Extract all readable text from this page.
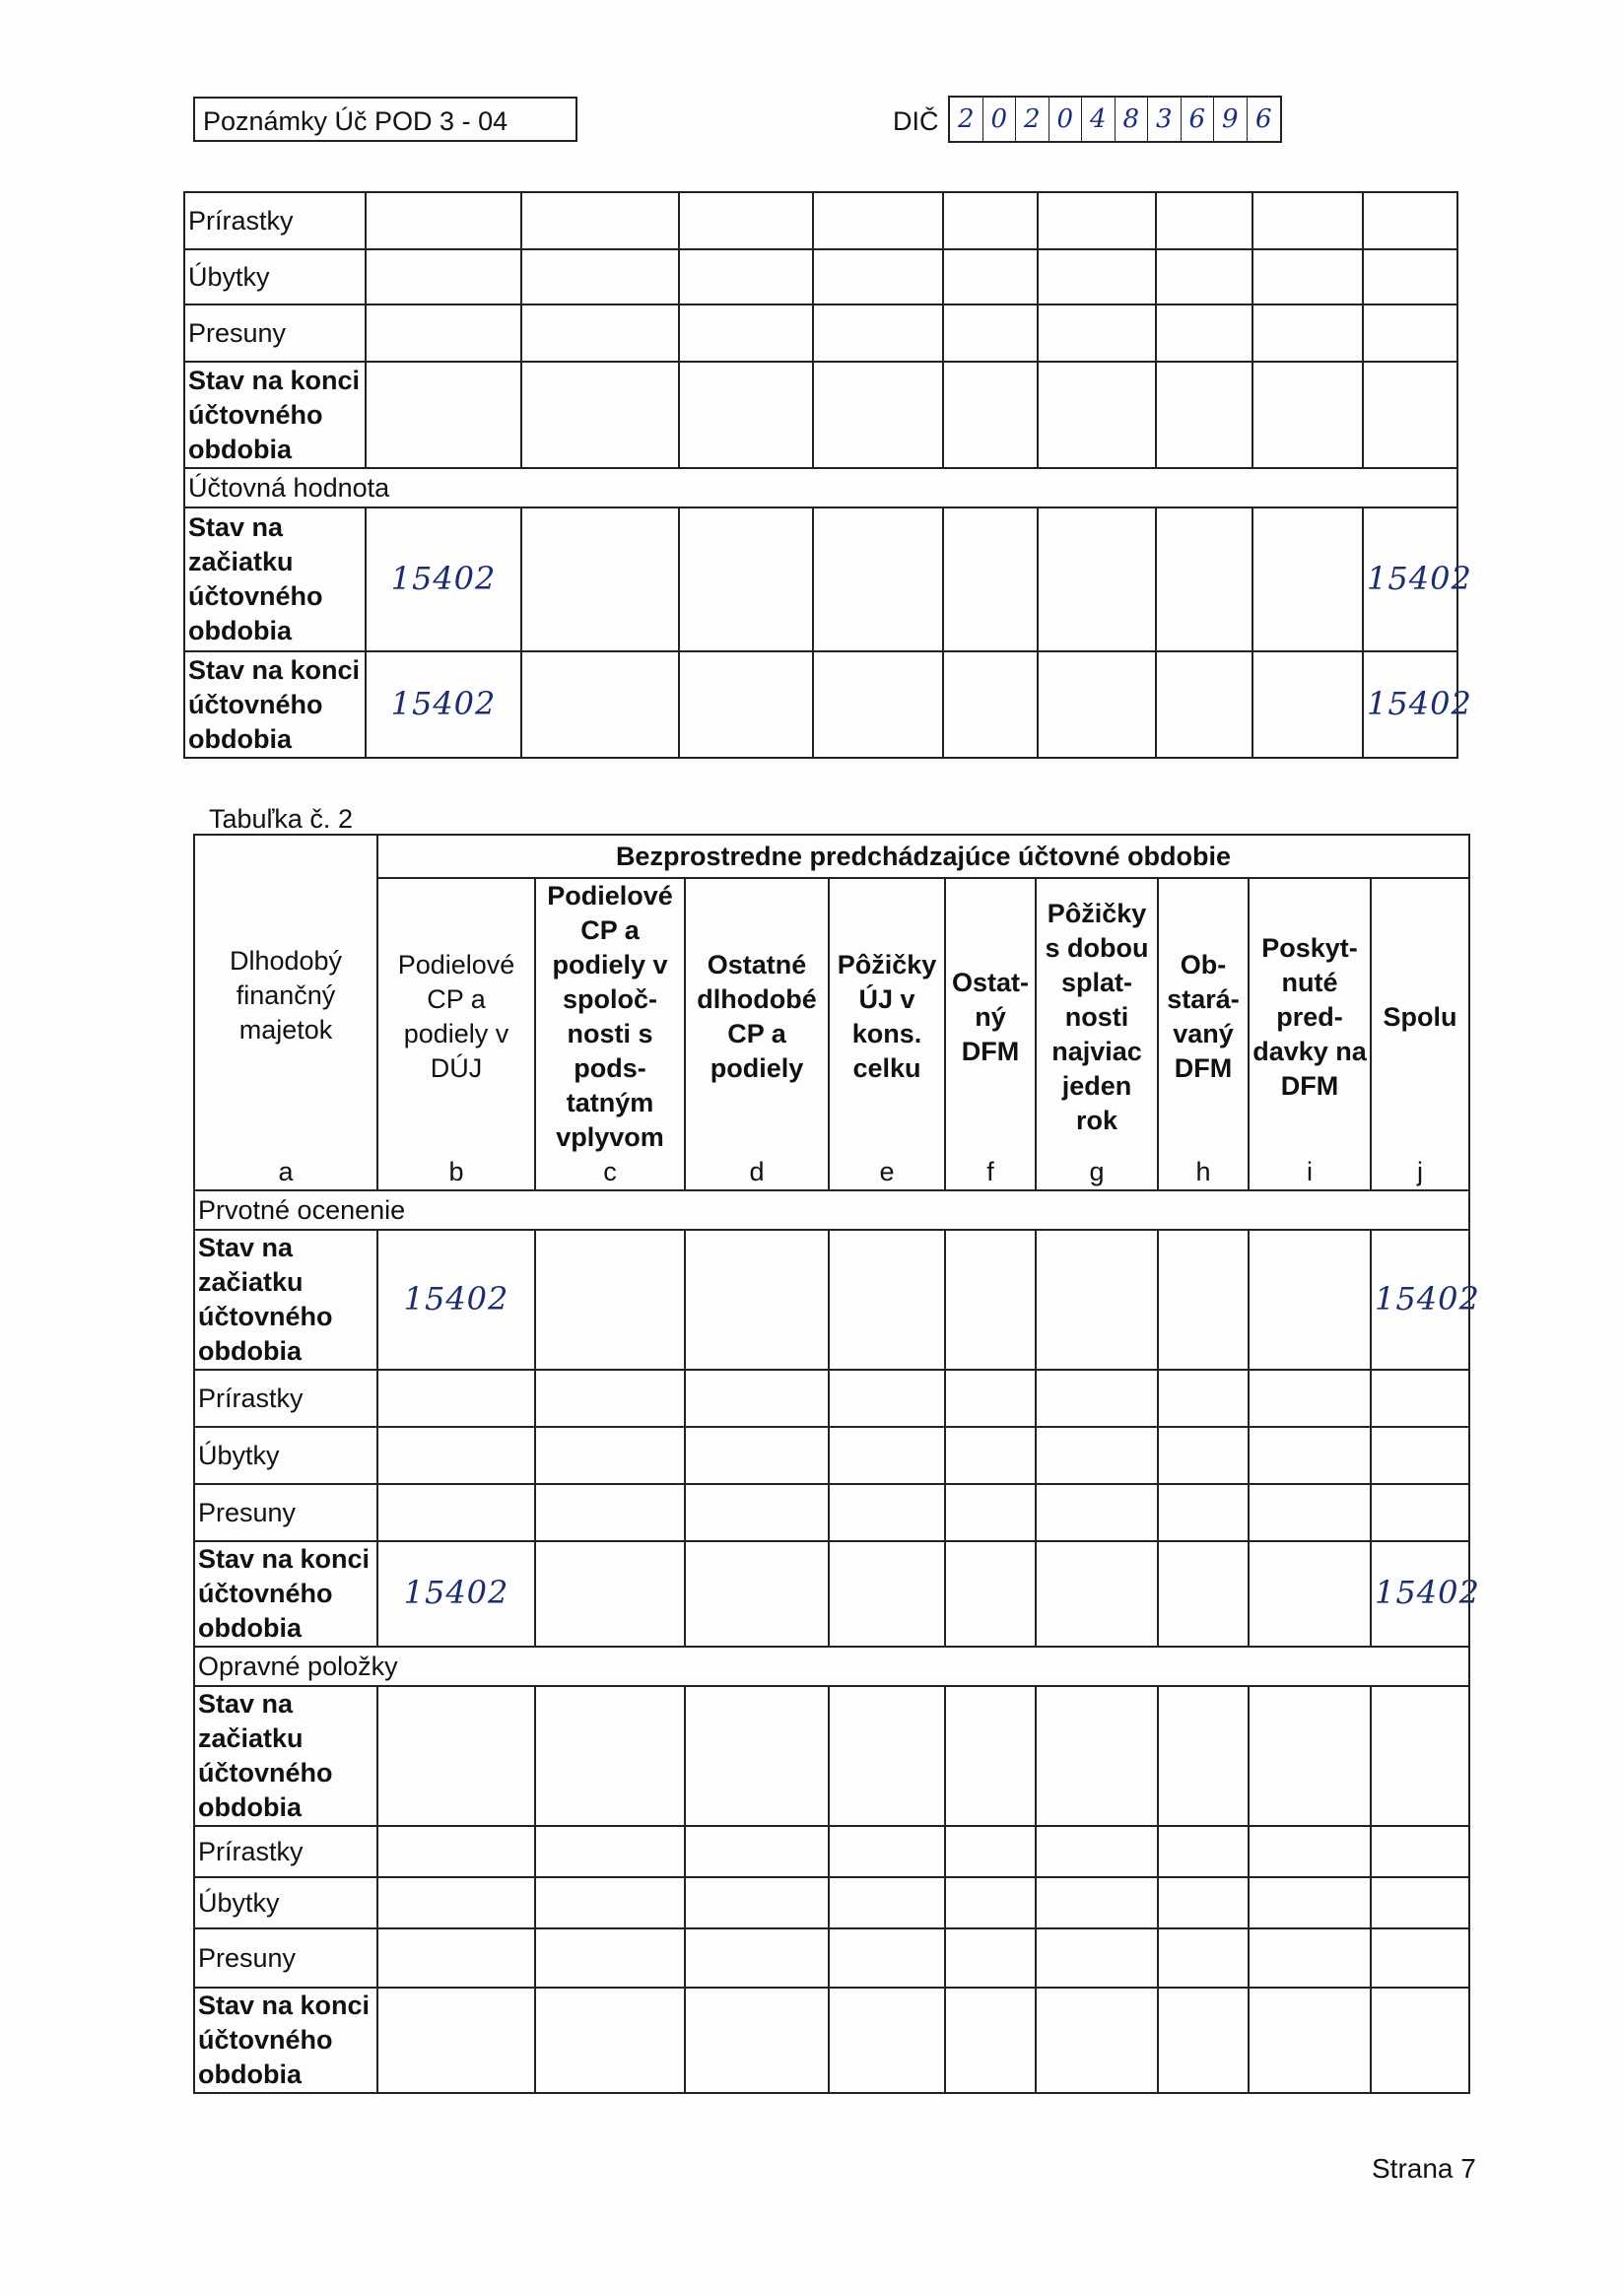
Poznámky Úč POD 3 - 04	DIČ 2 0 2 0 4 8 3 6 9 6
Prírastky									
Úbytky									
Presuny									
Stav na konci účtovného obdobia									
Účtovná hodnota									
Stav na začiatku účtovného obdobia	15402								15402
Stav na konci účtovného obdobia	15402								15402
Tabuľka č. 2
Dlhodobý finančný majetok	Bezprostredne predchádzajúce účtovné obdobie								
	Podielové CP a podiely v DÚJ	Podielové CP a podiely v spoloč- nosti s pods- tatným vplyvom	Ostatné dlhodobé CP a podiely	Pôžičky ÚJ v kons. celku	Ostat- ný DFM	Pôžičky s dobou splat- nosti najviac jeden rok	Ob- stará- vaný DFM	Poskyt- nuté pred- davky na DFM	Spolu

a	b	c	d	e	f	g	h	i	j
Prvotné ocenenie									
Stav na začiatku účtovného obdobia	15402								15402
Prírastky									
Úbytky									
Presuny									
Stav na konci účtovného obdobia	15402								15402
Opravné položky									
Stav na začiatku účtovného obdobia									
Prírastky									
Úbytky									
Presuny									
Stav na konci účtovného obdobia									
Strana 7
